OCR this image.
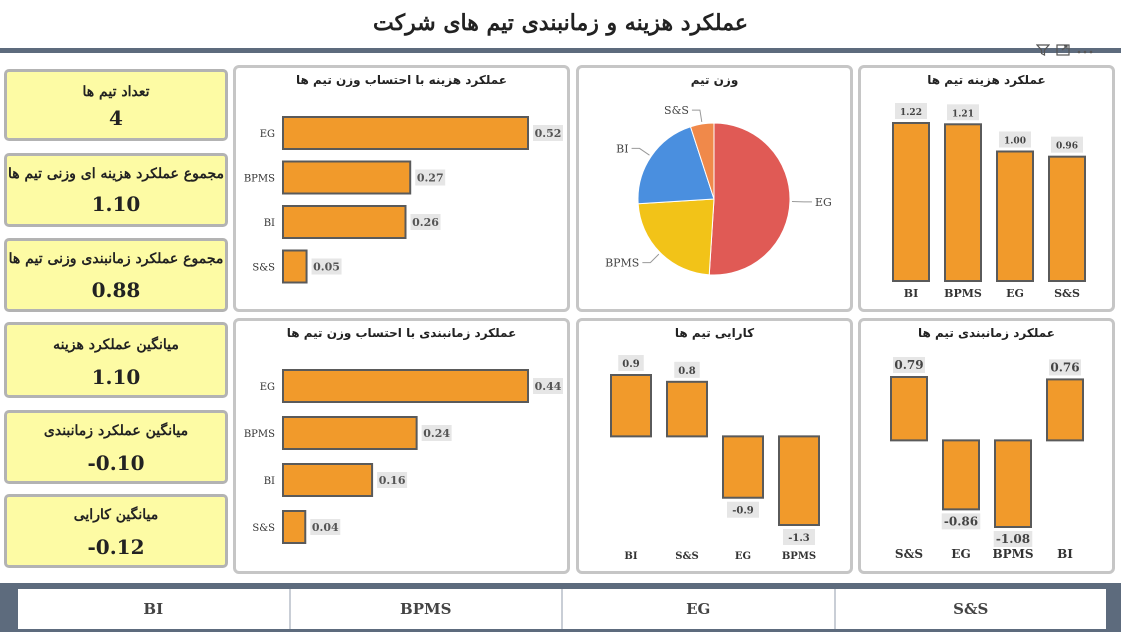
عملکرد هزینه و زمانبندی تیم های شرکت
تعداد تیم ها
4
مجموع عملکرد هزینه ای وزنی تیم ها
1.10
مجموع عملکرد زمانبندی وزنی تیم ها
0.88
میانگین عملکرد هزینه
1.10
میانگین عملکرد زمانبندی
-0.10
میانگین کارایی
-0.12
عملکرد هزینه با احتساب وزن تیم ها
EG	0.52
BPMS	0.27
BI	0.26
S&S	0.05
وزن تیم
EG
BPMS
BI
S&S
عملکرد هزینه تیم ها
1.22
BI
1.21
BPMS
1.00
EG
0.96
S&S
عملکرد زمانبندی با احتساب وزن تیم ها
EG	0.44
BPMS	0.24
BI	0.16
S&S	0.04
کارایی تیم ها
0.9
BI
0.8
S&S
-0.9
EG
-1.3
BPMS
عملکرد زمانبندی تیم ها
0.79
S&S
-0.86
EG
-1.08
BPMS
0.76
BI
BI	BPMS	EG	S&S
